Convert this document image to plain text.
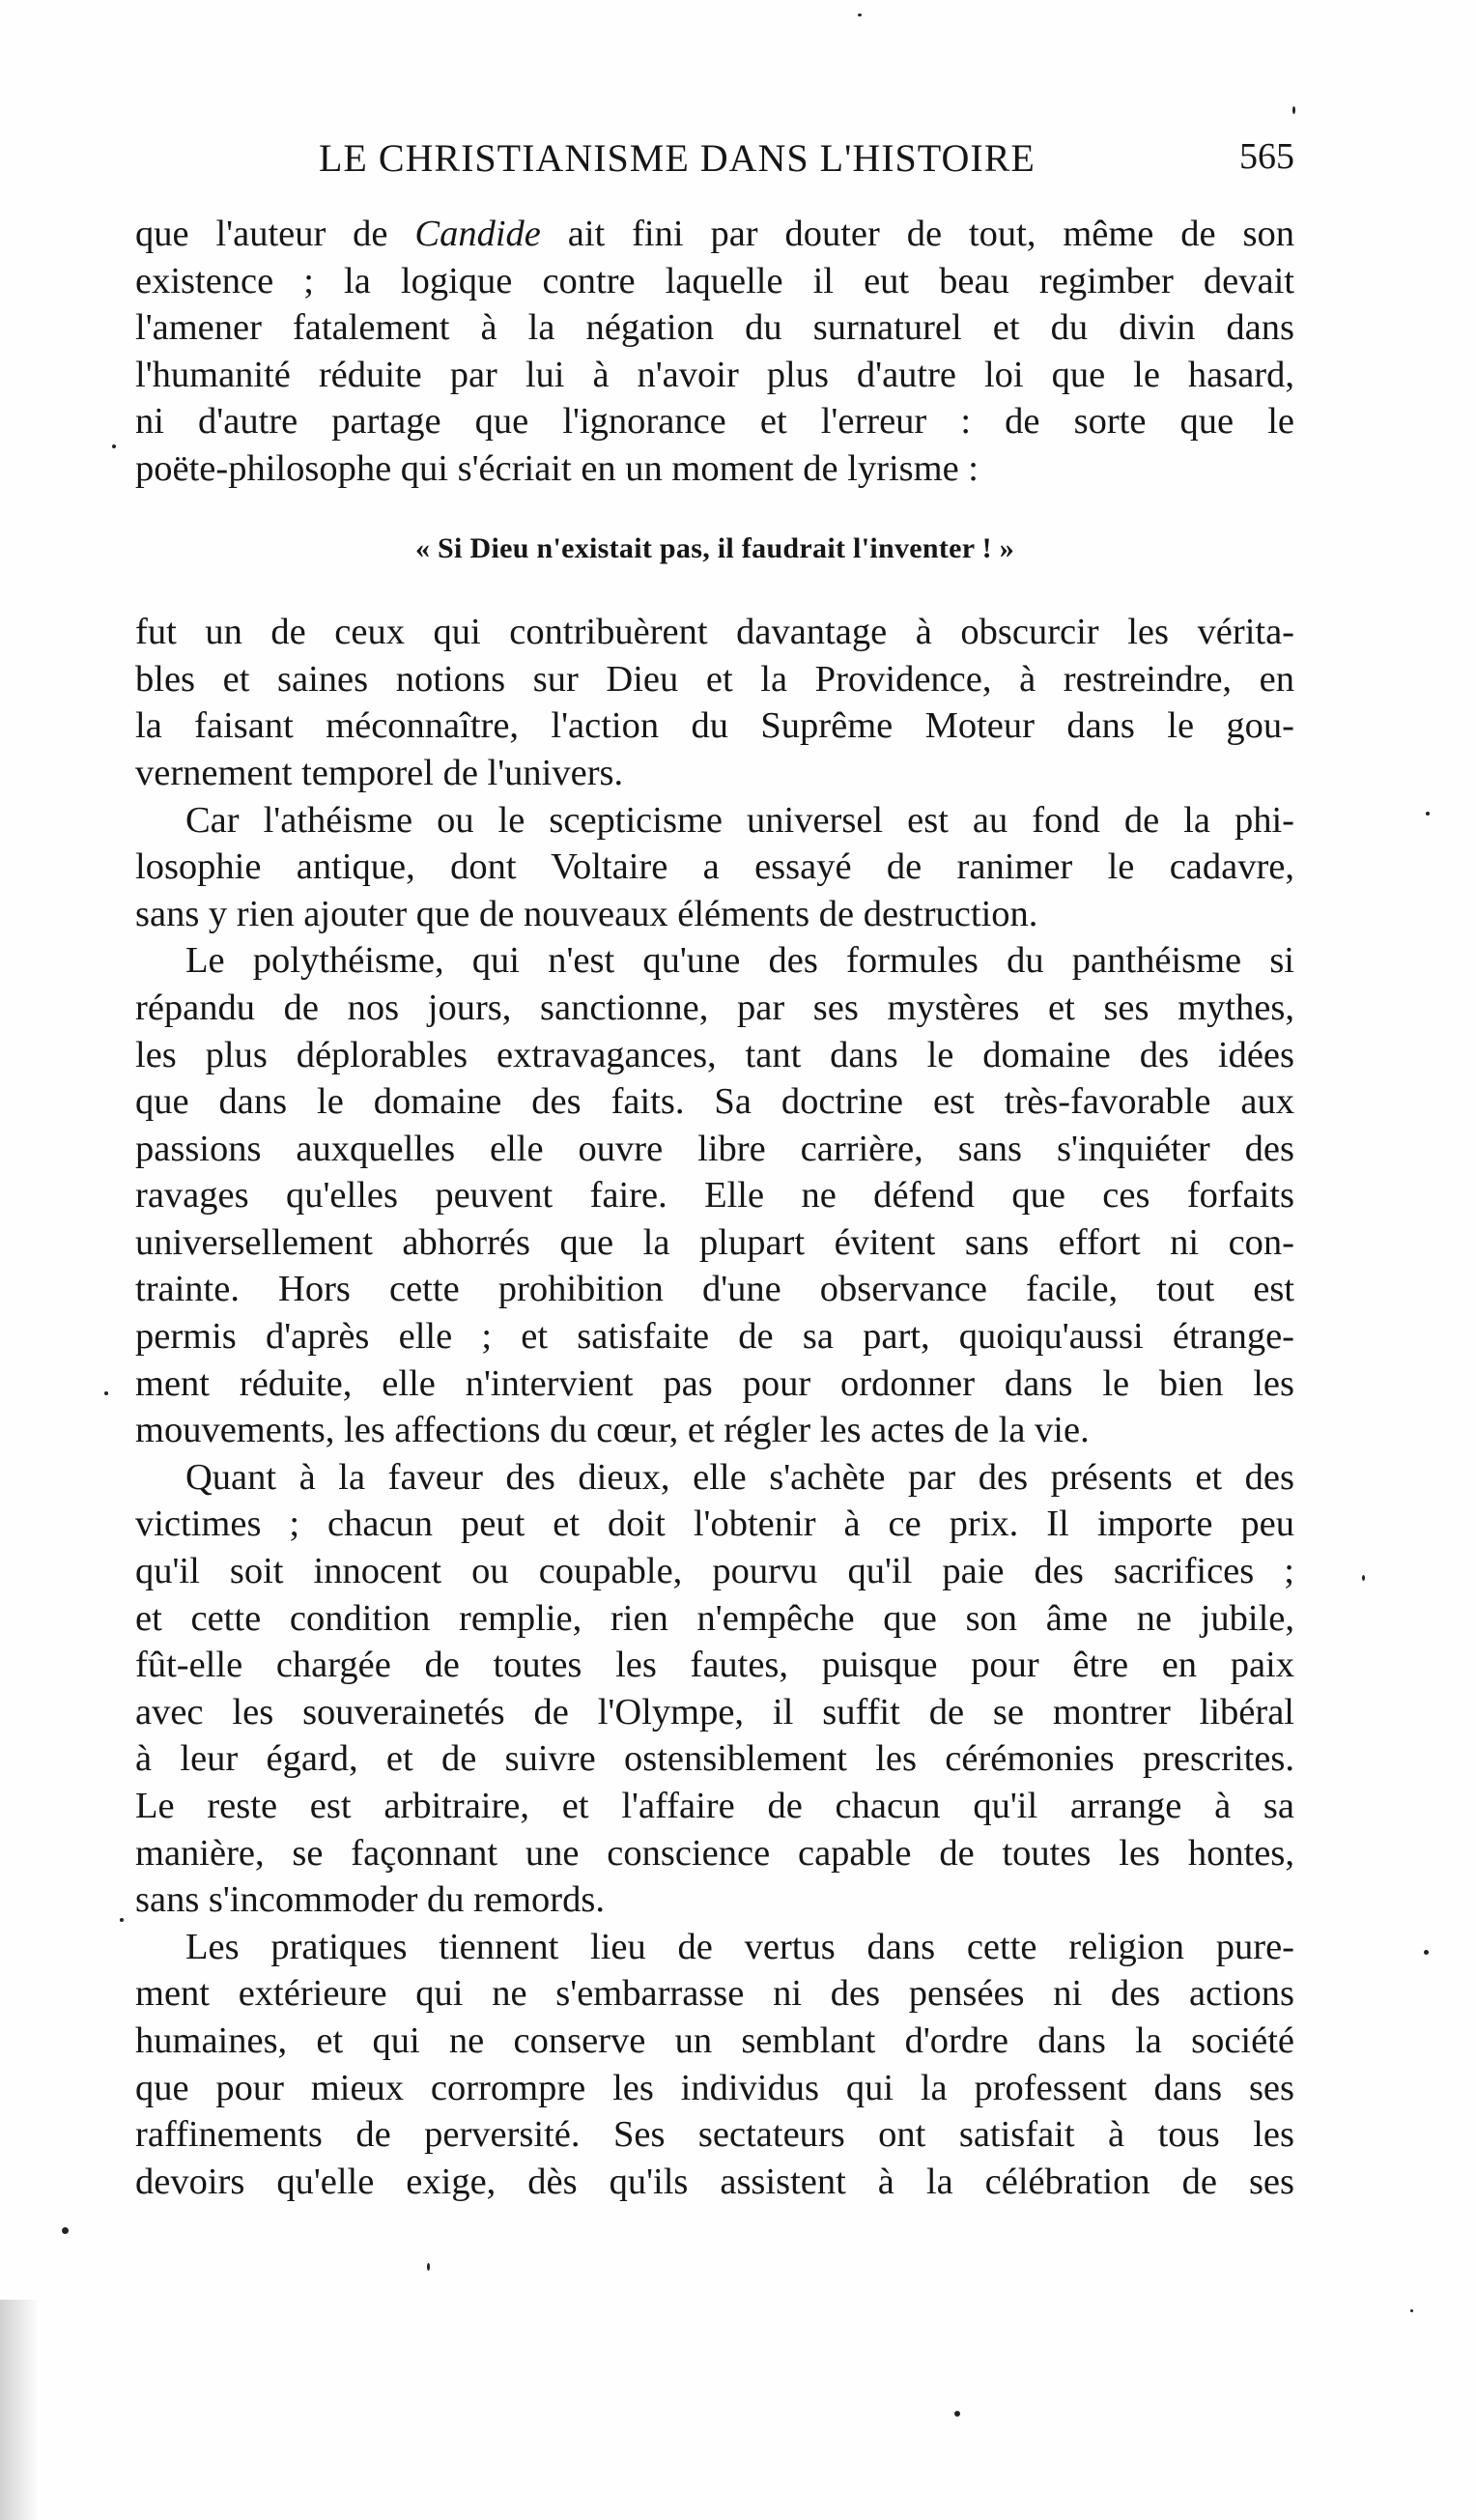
LE CHRISTIANISME DANS L'HISTOIRE	565
que l'auteur de Candide ait fini par douter de tout, même de son
existence ; la logique contre laquelle il eut beau regimber devait
l'amener fatalement à la négation du surnaturel et du divin dans
l'humanité réduite par lui à n'avoir plus d'autre loi que le hasard,
ni d'autre partage que l'ignorance et l'erreur : de sorte que le
poëte-philosophe qui s'écriait en un moment de lyrisme :
« Si Dieu n'existait pas, il faudrait l'inventer ! »
fut un de ceux qui contribuèrent davantage à obscurcir les vérita-
bles et saines notions sur Dieu et la Providence, à restreindre, en
la faisant méconnaître, l'action du Suprême Moteur dans le gou-
vernement temporel de l'univers.
Car l'athéisme ou le scepticisme universel est au fond de la phi-
losophie antique, dont Voltaire a essayé de ranimer le cadavre,
sans y rien ajouter que de nouveaux éléments de destruction.
Le polythéisme, qui n'est qu'une des formules du panthéisme si
répandu de nos jours, sanctionne, par ses mystères et ses mythes,
les plus déplorables extravagances, tant dans le domaine des idées
que dans le domaine des faits. Sa doctrine est très-favorable aux
passions auxquelles elle ouvre libre carrière, sans s'inquiéter des
ravages qu'elles peuvent faire. Elle ne défend que ces forfaits
universellement abhorrés que la plupart évitent sans effort ni con-
trainte. Hors cette prohibition d'une observance facile, tout est
permis d'après elle ; et satisfaite de sa part, quoiqu'aussi étrange-
ment réduite, elle n'intervient pas pour ordonner dans le bien les
mouvements, les affections du cœur, et régler les actes de la vie.
Quant à la faveur des dieux, elle s'achète par des présents et des
victimes ; chacun peut et doit l'obtenir à ce prix. Il importe peu
qu'il soit innocent ou coupable, pourvu qu'il paie des sacrifices ;
et cette condition remplie, rien n'empêche que son âme ne jubile,
fût-elle chargée de toutes les fautes, puisque pour être en paix
avec les souverainetés de l'Olympe, il suffit de se montrer libéral
à leur égard, et de suivre ostensiblement les cérémonies prescrites.
Le reste est arbitraire, et l'affaire de chacun qu'il arrange à sa
manière, se façonnant une conscience capable de toutes les hontes,
sans s'incommoder du remords.
Les pratiques tiennent lieu de vertus dans cette religion pure-
ment extérieure qui ne s'embarrasse ni des pensées ni des actions
humaines, et qui ne conserve un semblant d'ordre dans la société
que pour mieux corrompre les individus qui la professent dans ses
raffinements de perversité. Ses sectateurs ont satisfait à tous les
devoirs qu'elle exige, dès qu'ils assistent à la célébration de ses
